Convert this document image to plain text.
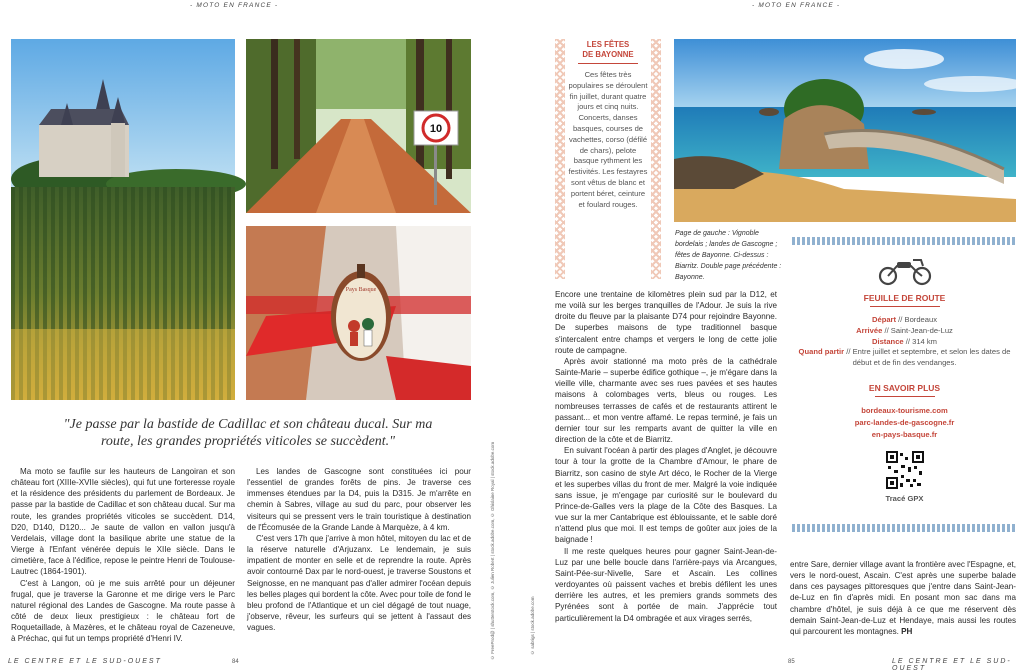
- MOTO EN FRANCE -	- MOTO EN FRANCE -
10
Pays Basque
"Je passe par la bastide de Cadillac et son château ducal. Sur ma route, les grandes propriétés viticoles se succèdent."

Ma moto se faufile sur les hauteurs de Langoiran et son château fort (XIIIe-XVIIe siècles), qui fut une forteresse royale et la résidence des présidents du parlement de Bordeaux. Je passe par la bastide de Cadillac et son château ducal. Sur ma route, les grandes propriétés viticoles se succèdent. D14, D20, D140, D120... Je saute de vallon en vallon jusqu'à Verdelais, village dont la basilique abrite une statue de la Vierge à l'Enfant vénérée depuis le XIIe siècle. Dans le cimetière, face à l'édifice, repose le peintre Henri de Toulouse-Lautrec (1864-1901).

C'est à Langon, où je me suis arrêté pour un déjeuner frugal, que je traverse la Garonne et me dirige vers le Parc naturel régional des Landes de Gascogne. Ma route passe à côté de deux lieux prestigieux : le château fort de Roquetaillade, à Mazères, et le château royal de Cazeneuve, à Préchac, qui fut un temps propriété d'Henri IV.

Les landes de Gascogne sont constituées ici pour l'essentiel de grandes forêts de pins. Je traverse ces immenses étendues par la D4, puis la D315. Je m'arrête en chemin à Sabres, village au sud du parc, pour observer les visiteurs qui se pressent vers le train touristique à destination de l'Écomusée de la Grande Lande à Marquèze, à 4 km.

C'est vers 17h que j'arrive à mon hôtel, mitoyen du lac et de la réserve naturelle d'Arjuzanx. Le lendemain, je suis impatient de monter en selle et de reprendre la route. Après avoir contourné Dax par le nord-ouest, je traverse Soustons et Seignosse, en ne manquant pas d'aller admirer l'océan depuis les belles plages qui bordent la côte. Avec pour toile de fond le bleu profond de l'Atlantique et un ciel dégagé de tout nuage, j'observe, rêveur, les surfeurs qui se jettent à l'assaut des vagues.	© FreeProd@ | shutterstock.com, © Julien Robert | stock.adobe.com, © Ghislaine Royal | stock.adobe.com	© sabrigs | stock.adobe.com
LES FÊTES
DE BAYONNE
Ces fêtes très populaires se déroulent fin juillet, durant quatre jours et cinq nuits. Concerts, danses basques, courses de vachettes, corso (défilé de chars), pelote basque rythment les festivités. Les festayres sont vêtus de blanc et portent béret, ceinture et foulard rouges.
Page de gauche : Vignoble bordelais ; landes de Gascogne ; fêtes de Bayonne. Ci-dessus : Biarritz. Double page précédente : Bayonne.

Encore une trentaine de kilomètres plein sud par la D12, et me voilà sur les berges tranquilles de l'Adour. Je suis la rive droite du fleuve par la plaisante D74 pour rejoindre Bayonne. De superbes maisons de type traditionnel basque s'intercalent entre champs et vergers le long de cette jolie route de campagne.

Après avoir stationné ma moto près de la cathédrale Sainte-Marie – superbe édifice gothique –, je m'égare dans la vieille ville, charmante avec ses rues pavées et ses hautes maisons à colombages verts, bleus ou rouges. Les nombreuses terrasses de cafés et de restaurants attirent le passant... et mon ventre affamé. Le repas terminé, je fais un dernier tour sur les remparts avant de quitter la ville en direction de la côte et de Biarritz.

En suivant l'océan à partir des plages d'Anglet, je découvre tour à tour la grotte de la Chambre d'Amour, le phare de Biarritz, son casino de style Art déco, le Rocher de la Vierge et les superbes villas du front de mer. Malgré la voie indiquée sans issue, je m'engage par curiosité sur le boulevard du Prince-de-Galles vers la plage de la Côte des Basques. La vue sur la mer Cantabrique est éblouissante, et le sable doré n'attend plus que moi. Il est temps de goûter aux joies de la baignade !

Il me reste quelques heures pour gagner Saint-Jean-de-Luz par une belle boucle dans l'arrière-pays via Arcangues, Saint-Pée-sur-Nivelle, Sare et Ascain. Les collines verdoyantes où paissent vaches et brebis défilent les unes derrière les autres, et les premiers grands sommets des Pyrénées sont à portée de main. J'apprécie tout particulièrement la D4 ombragée et aux virages serrés,

FEUILLE DE ROUTE
Départ // Bordeaux
Arrivée // Saint-Jean-de-Luz
Distance // 314 km
Quand partir // Entre juillet et septembre, et selon les dates de début et de fin des vendanges.
EN SAVOIR PLUS
bordeaux-tourisme.com
parc-landes-de-gascogne.fr
en-pays-basque.fr
Tracé GPX

entre Sare, dernier village avant la frontière avec l'Espagne, et, vers le nord-ouest, Ascain. C'est après une superbe balade dans ces paysages pittoresques que j'entre dans Saint-Jean-de-Luz en fin d'après midi. En posant mon sac dans ma chambre d'hôtel, je suis déjà à ce que me réservent dès demain Saint-Jean-de-Luz et Hendaye, mais aussi les routes qui parcourent les montagnes. PH

LE CENTRE ET LE SUD-OUEST	84	85	LE CENTRE ET LE SUD-OUEST
